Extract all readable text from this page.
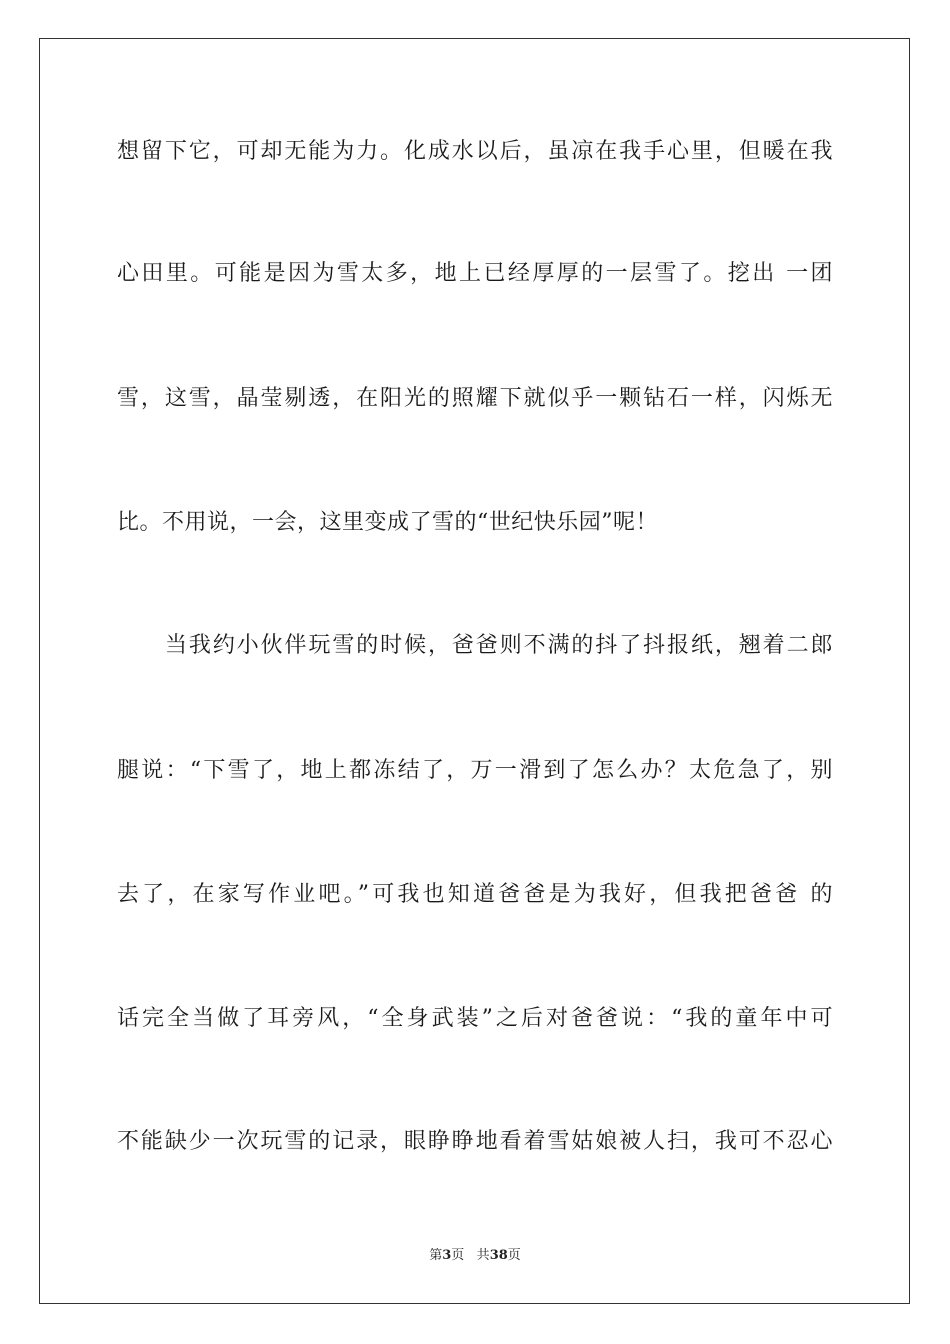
想留下它，可却无能为力。化成水以后，虽凉在我手心里，但暖在我
心田里。可能是因为雪太多，地上已经厚厚的一层雪了。挖出 一团
雪，这雪，晶莹剔透，在阳光的照耀下就似乎一颗钻石一样，闪烁无
比。不用说，一会，这里变成了雪的“世纪快乐园”呢！
当我约小伙伴玩雪的时候，爸爸则不满的抖了抖报纸，翘着二郎
腿说：“下雪了，地上都冻结了，万一滑到了怎么办？太危急了，别
去了，在家写作业吧。”可我也知道爸爸是为我好，但我把爸爸 的
话完全当做了耳旁风，“全身武装”之后对爸爸说：“我的童年中可
不能缺少一次玩雪的记录，眼睁睁地看着雪姑娘被人扫，我可不忍心
第3页 共38页
